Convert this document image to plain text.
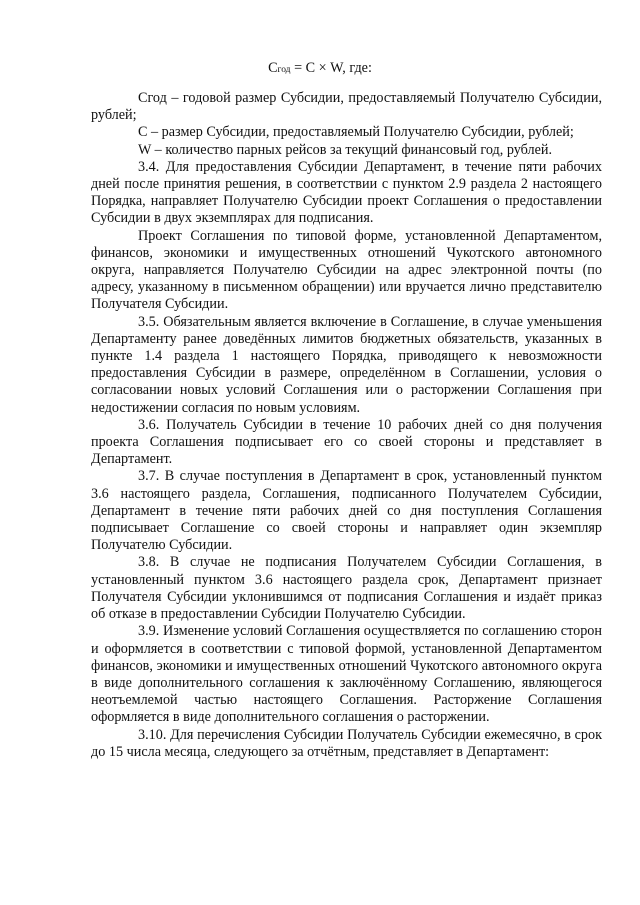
Сгод = С × W, где:

Сгод – годовой размер Субсидии, предоставляемый Получателю Субсидии, рублей;

С – размер Субсидии, предоставляемый Получателю Субсидии, рублей;

W – количество парных рейсов за текущий финансовый год, рублей.

3.4. Для предоставления Субсидии Департамент, в течение пяти рабочих дней после принятия решения, в соответствии с пунктом 2.9 раздела 2 настоящего Порядка, направляет Получателю Субсидии проект Соглашения о предоставлении Субсидии в двух экземплярах для подписания.

Проект Соглашения по типовой форме, установленной Департаментом, финансов, экономики и имущественных отношений Чукотского автономного округа, направляется Получателю Субсидии на адрес электронной почты (по адресу, указанному в письменном обращении) или вручается лично представителю Получателя Субсидии.

3.5. Обязательным является включение в Соглашение, в случае уменьшения Департаменту ранее доведённых лимитов бюджетных обязательств, указанных в пункте 1.4 раздела 1 настоящего Порядка, приводящего к невозможности предоставления Субсидии в размере, определённом в Соглашении, условия о согласовании новых условий Соглашения или о расторжении Соглашения при недостижении согласия по новым условиям.

3.6. Получатель Субсидии в течение 10 рабочих дней со дня получения проекта Соглашения подписывает его со своей стороны и представляет в Департамент.

3.7. В случае поступления в Департамент в срок, установленный пунктом 3.6 настоящего раздела, Соглашения, подписанного Получателем Субсидии, Департамент в течение пяти рабочих дней со дня поступления Соглашения подписывает Соглашение со своей стороны и направляет один экземпляр Получателю Субсидии.

3.8. В случае не подписания Получателем Субсидии Соглашения, в установленный пунктом 3.6 настоящего раздела срок, Департамент признает Получателя Субсидии уклонившимся от подписания Соглашения и издаёт приказ об отказе в предоставлении Субсидии Получателю Субсидии.

3.9. Изменение условий Соглашения осуществляется по соглашению сторон и оформляется в соответствии с типовой формой, установленной Департаментом финансов, экономики и имущественных отношений Чукотского автономного округа в виде дополнительного соглашения к заключённому Соглашению, являющегося неотъемлемой частью настоящего Соглашения. Расторжение Соглашения оформляется в виде дополнительного соглашения о расторжении.

3.10. Для перечисления Субсидии Получатель Субсидии ежемесячно, в срок до 15 числа месяца, следующего за отчётным, представляет в Департамент:
